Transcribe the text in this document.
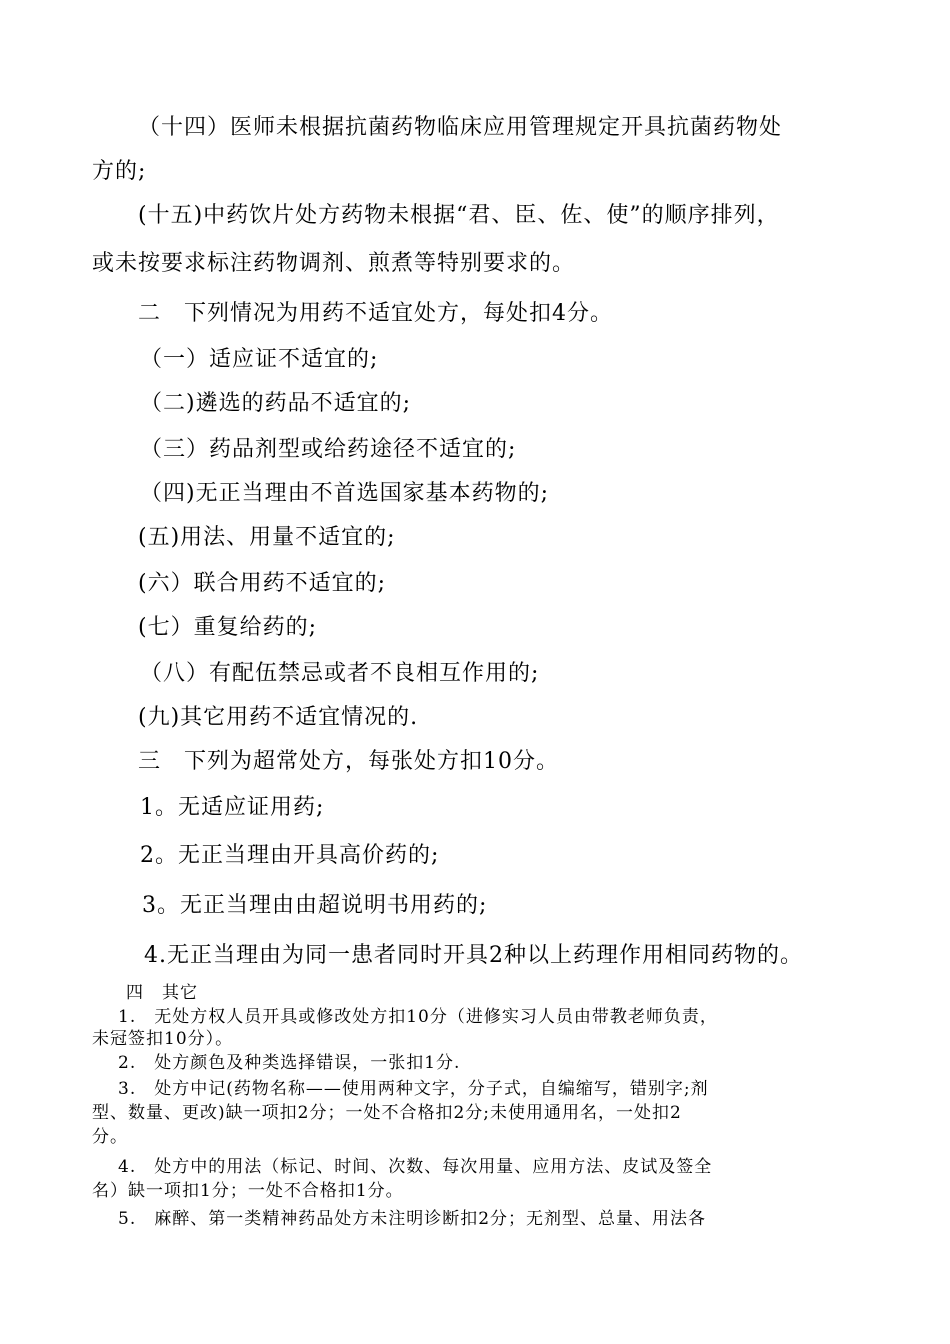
（十四）医师未根据抗菌药物临床应用管理规定开具抗菌药物处
方的;
(十五)中药饮片处方药物未根据“君、臣、佐、使”的顺序排列，
或未按要求标注药物调剂、煎煮等特别要求的。
二　下列情况为用药不适宜处方，每处扣4分。
（一）适应证不适宜的;
（二)遴选的药品不适宜的;
（三）药品剂型或给药途径不适宜的;
（四)无正当理由不首选国家基本药物的;
(五)用法、用量不适宜的;
(六）联合用药不适宜的;
(七）重复给药的;
（八）有配伍禁忌或者不良相互作用的;
(九)其它用药不适宜情况的.
三　下列为超常处方，每张处方扣10分。
1。无适应证用药;
2。无正当理由开具高价药的;
3。无正当理由由超说明书用药的;
4.无正当理由为同一患者同时开具2种以上药理作用相同药物的。
四　其它
1.　无处方权人员开具或修改处方扣10分（进修实习人员由带教老师负责，
未冠签扣10分）。
2.　处方颜色及种类选择错误，一张扣1分.
3.　处方中记(药物名称——使用两种文字，分子式，自编缩写，错别字;剂
型、数量、更改)缺一项扣2分；一处不合格扣2分;未使用通用名，一处扣2
分。
4.　处方中的用法（标记、时间、次数、每次用量、应用方法、皮试及签全
名）缺一项扣1分；一处不合格扣1分。
5.　麻醉、第一类精神药品处方未注明诊断扣2分；无剂型、总量、用法各
